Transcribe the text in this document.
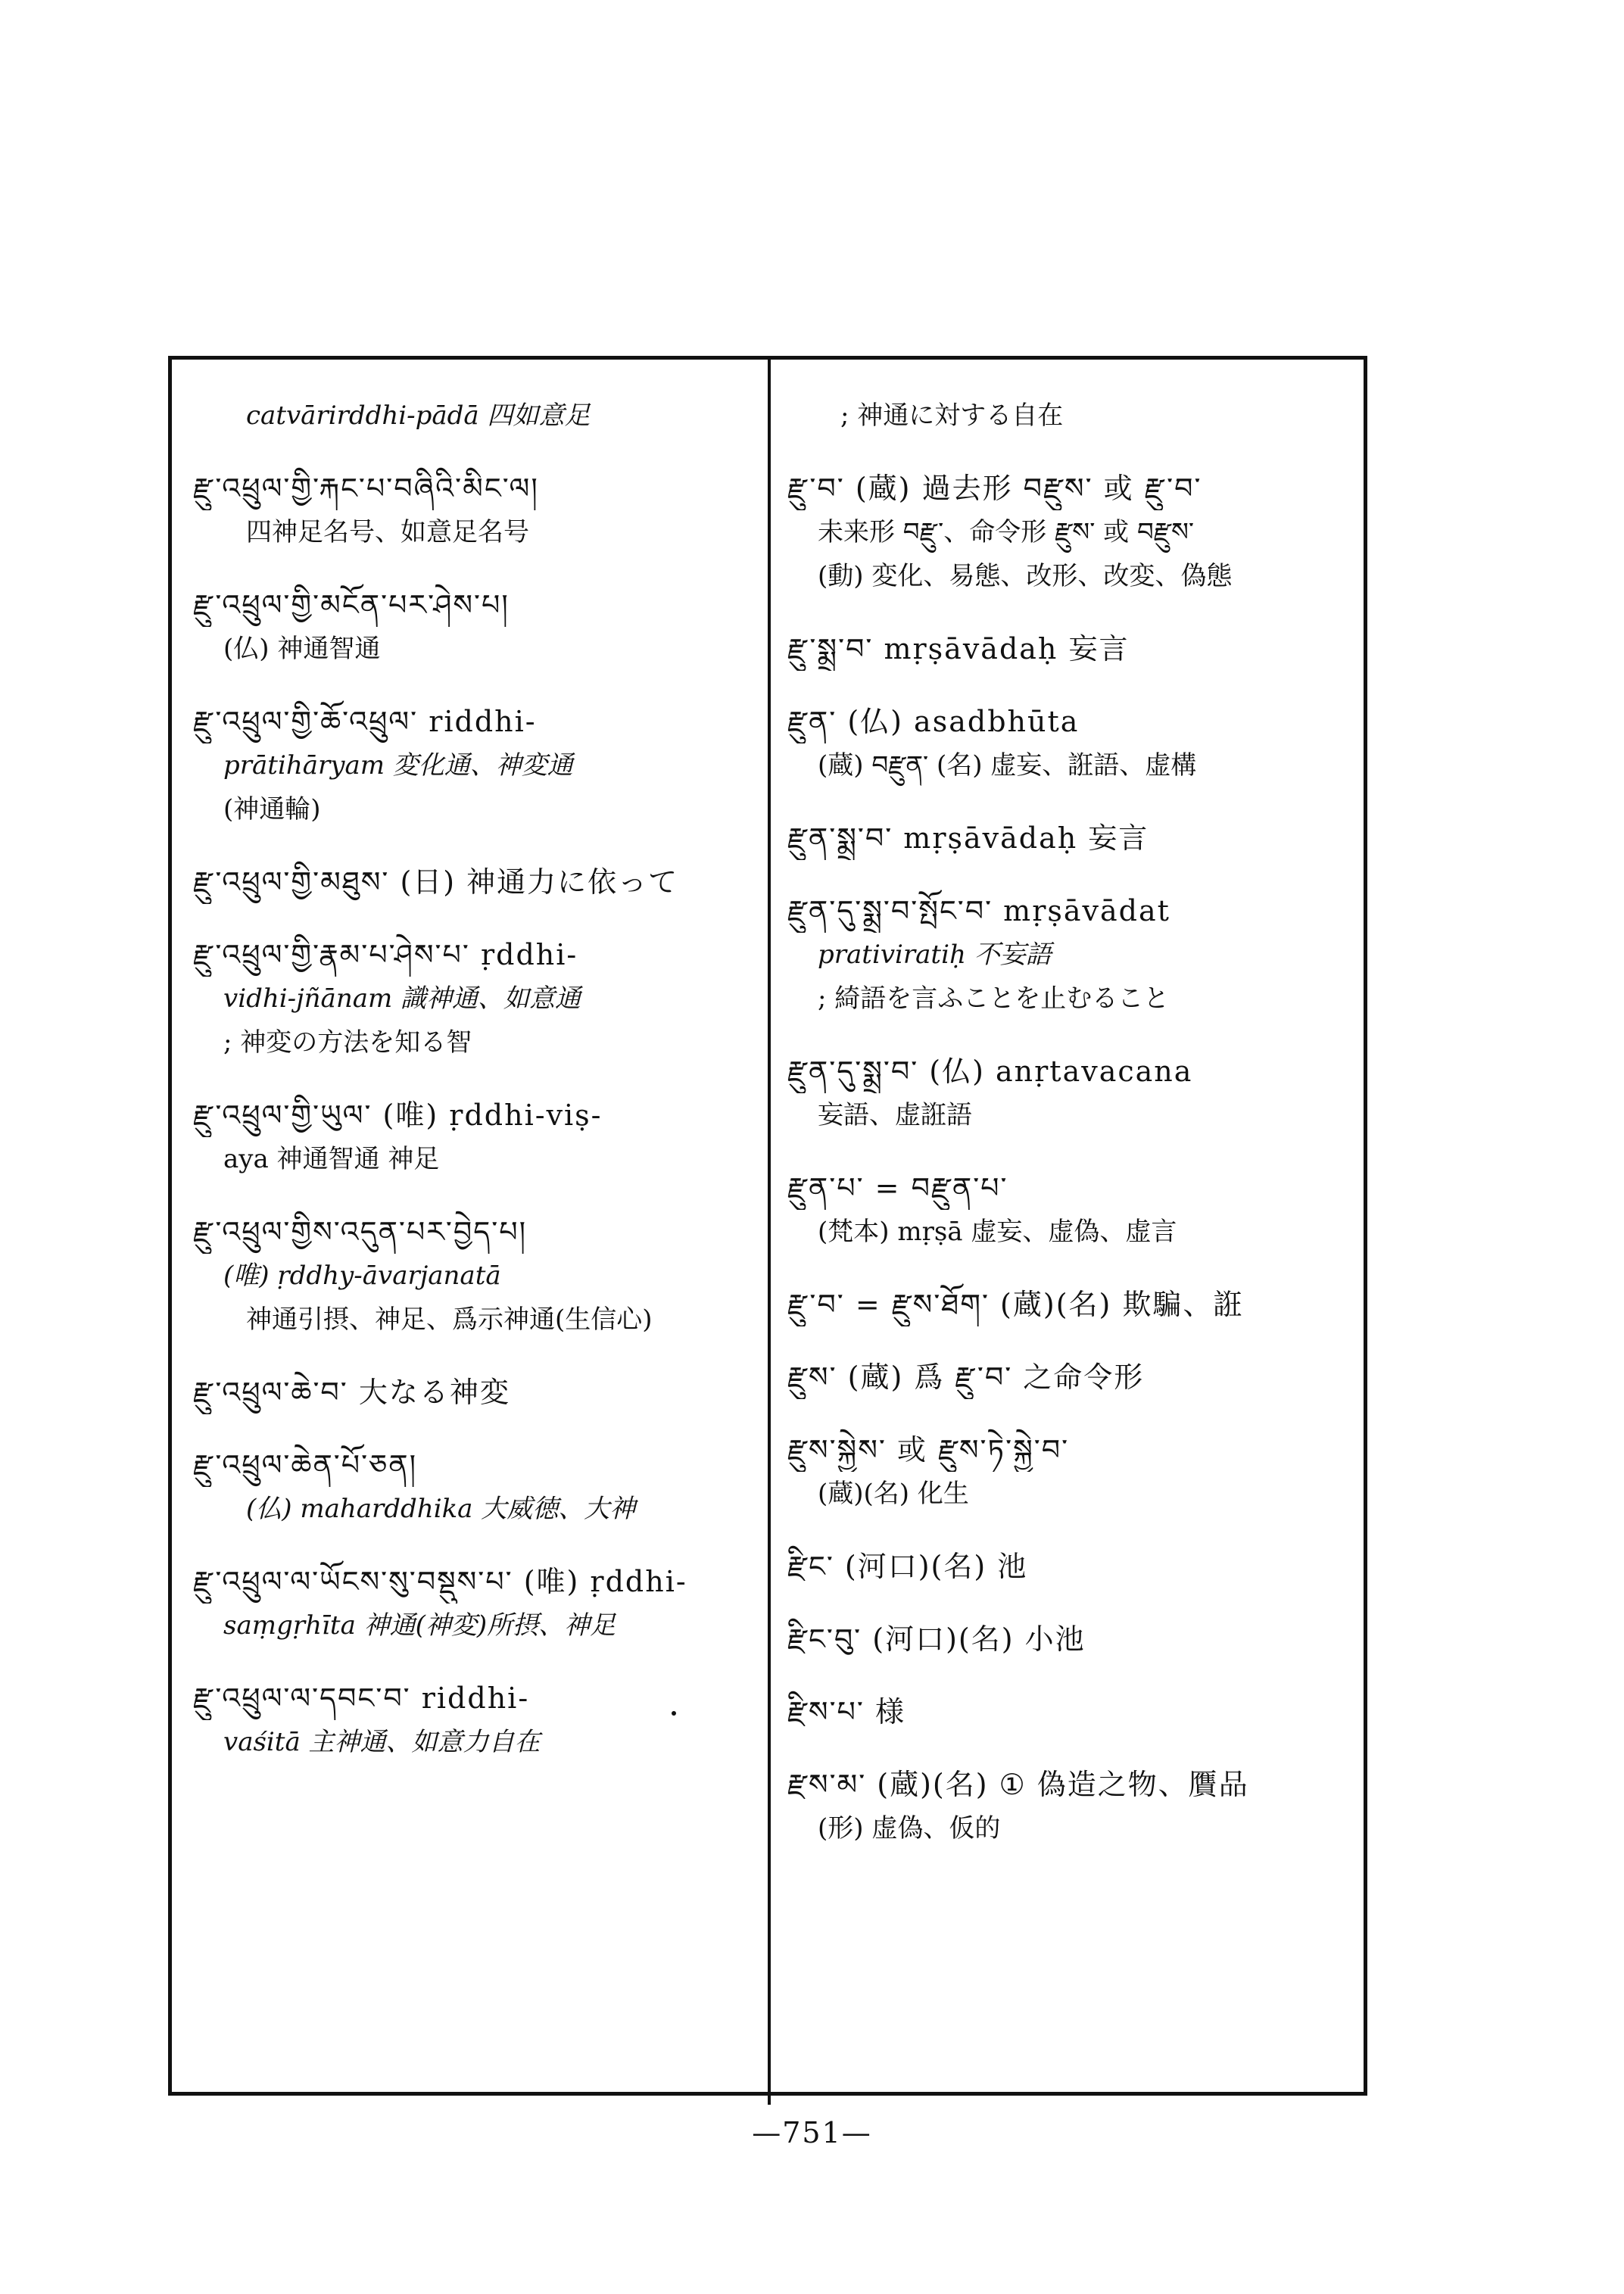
catvārirddhi-pādā 四如意足
རྫུ་འཕྲུལ་གྱི་རྐང་པ་བཞིའི་མིང་ལ།
四神足名号、如意足名号
རྫུ་འཕྲུལ་གྱི་མངོན་པར་ཤེས་པ།
(仏) 神通智通
རྫུ་འཕྲུལ་གྱི་ཆོ་འཕྲུལ་ riddhi-
prātihāryam 変化通、神変通
(神通輪)
རྫུ་འཕྲུལ་གྱི་མཐུས་ (日) 神通力に依って
རྫུ་འཕྲུལ་གྱི་རྣམ་པ་ཤེས་པ་ ṛddhi-
vidhi-jñānam 識神通、如意通
; 神変の方法を知る智
རྫུ་འཕྲུལ་གྱི་ཡུལ་ (唯) ṛddhi-viṣ-
aya 神通智通 神足
རྫུ་འཕྲུལ་གྱིས་འདུན་པར་བྱེད་པ།
(唯) ṛddhy-āvarjanatā
神通引摂、神足、爲示神通(生信心)
རྫུ་འཕྲུལ་ཆེ་བ་ 大なる神変
རྫུ་འཕྲུལ་ཆེན་པོ་ཅན།
(仏) maharddhika 大威徳、大神
རྫུ་འཕྲུལ་ལ་ཡོངས་སུ་བསྡུས་པ་ (唯) ṛddhi-
saṃgṛhīta 神通(神変)所摂、神足
རྫུ་འཕྲུལ་ལ་དབང་བ་ riddhi-
vaśitā 主神通、如意力自在
; 神通に対する自在
རྫུ་བ་ (蔵) 過去形 བརྫུས་ 或 རྫུ་བ་
未来形 བརྫུ་、命令形 རྫུས་ 或 བརྫུས་
(動) 変化、易態、改形、改変、偽態
རྫུ་སྨྲ་བ་ mṛṣāvādaḥ 妄言
རྫུན་ (仏) asadbhūta
(蔵) བརྫུན་ (名) 虚妄、誑語、虚構
རྫུན་སྨྲ་བ་ mṛṣāvādaḥ 妄言
རྫུན་དུ་སྨྲ་བ་སྤོང་བ་ mṛṣāvādat
prativiratiḥ 不妄語
; 綺語を言ふことを止むること
རྫུན་དུ་སྨྲ་བ་ (仏) anṛtavacana
妄語、虚誑語
རྫུན་པ་ = བརྫུན་པ་
(梵本) mṛṣā 虚妄、虚偽、虚言
རྫུ་བ་ = རྫུས་ཐོག་ (蔵)(名) 欺騙、誑
རྫུས་ (蔵) 爲 རྫུ་བ་ 之命令形
རྫུས་སྐྱེས་ 或 རྫུས་ཏེ་སྐྱེ་བ་
(蔵)(名) 化生
རྫིང་ (河口)(名) 池
རྫིང་བུ་ (河口)(名) 小池
རྫིས་པ་ 様
རྫས་མ་ (蔵)(名) ① 偽造之物、贋品
(形) 虚偽、仮的
—751—
